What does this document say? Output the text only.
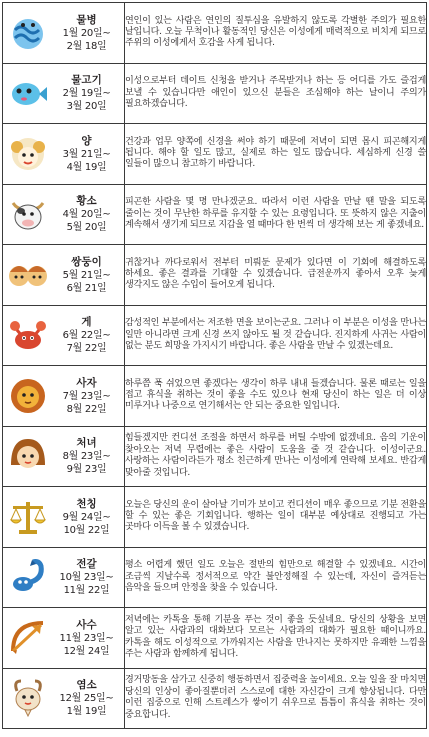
물병
1월 20일~
2월 18일	연인이 있는 사람은 연인의 질투심을 유발하지 않도록 각별한 주의가 필요한 날입니다. 오늘 무척이나 활동적인 당신은 이성에게 매력적으로 비치게 되므로 주위의 이성에게서 호감을 사게 됩니다.

물고기
2월 19일~
3월 20일	이성으로부터 데이트 신청을 받거나 주목받거나 하는 등 어디를 가도 즐겁게 보낼 수 있습니다만 애인이 있으신 분들은 조심해야 하는 날이니 주의가 필요하겠습니다.

양
3월 21일~
4월 19일	건강과 업무 양쪽에 신경을 써야 하기 때문에 저녁이 되면 몹시 피곤해지게 됩니다. 해야 할 일도 많고, 실제로 하는 일도 많습니다. 세심하게 신경 쓸 일들이 많으니 참고하기 바랍니다.

황소
4월 20일~
5월 20일	피곤한 사람을 몇 명 만나겠군요. 따라서 이런 사람을 만날 땐 말을 되도록 줄이는 것이 무난한 하루를 유지할 수 있는 요령입니다. 또 뜻하지 않은 지출이 계속해서 생기게 되므로 지갑을 열 때마다 한 번씩 더 생각해 보는 게 좋겠네요.

쌍둥이
5월 21일~
6월 21일	귀찮거나 까다로워서 전부터 미뤄둔 문제가 있다면 이 기회에 해결하도록 하세요. 좋은 결과를 기대할 수 있겠습니다. 급전운까지 좋아서 오후 늦게 생각지도 않은 수입이 들어오게 됩니다.

게
6월 22일~
7월 22일	감성적인 부분에서는 저조한 면을 보이는군요. 그러나 이 부분은 이성을 만나는 일만 아니라면 크게 신경 쓰지 않아도 될 것 같습니다. 진지하게 사귀는 사람이 없는 분도 희망을 가지시기 바랍니다. 좋은 사람을 만날 수 있겠는데요.

사자
7월 23일~
8월 22일	하루쯤 푹 쉬었으면 좋겠다는 생각이 하루 내내 들겠습니다. 물론 때로는 일을 접고 휴식을 취하는 것이 좋을 수도 있으나 현재 당신이 하는 일은 더 이상 미루거나 나중으로 연기해서는 안 되는 중요한 일입니다.

처녀
8월 23일~
9월 23일	힘들겠지만 컨디션 조절을 하면서 하루를 버틸 수밖에 없겠네요. 음의 기운이 찾아오는 저녁 무렵에는 좋은 사람이 도움을 줄 것 같습니다. 이성이군요. 사랑하는 사람이라든가 평소 친근하게 만나는 이성에게 연락해 보세요. 반갑게 맞아줄 것입니다.

천칭
9월 24일~
10월 22일	오늘은 당신의 운이 살아날 기미가 보이고 컨디션이 매우 좋으므로 기분 전환을 할 수 있는 좋은 기회입니다. 행하는 일이 대부분 예상대로 진행되고 가는 곳마다 이득을 볼 수 있겠습니다.

전갈
10월 23일~
11월 22일	평소 어렵게 했던 일도 오늘은 절반의 힘만으로 해결할 수 있겠네요. 시간이 조금씩 지날수록 정서적으로 약간 불안정해질 수 있는데, 자신이 즐겨듣는 음악을 들으며 안정을 찾을 수 있습니다.

사수
11월 23일~
12월 24일	저녁에는 카톡을 통해 기분을 푸는 것이 좋을 듯싶네요. 당신의 상황을 보면 알고 있는 사람과의 대화보다 모르는 사람과의 대화가 필요한 때이니까요. 카톡을 해도 이성적으로 가까워지는 사람을 만나지는 못하지만 유쾌한 느낌을 주는 사람과 함께하게 됩니다.

염소
12월 25일~
1월 19일	경거망동을 삼가고 신중히 행동하면서 집중력을 높이세요. 오늘 일을 잘 마치면 당신의 인상이 좋아질뿐더러 스스로에 대한 자신감이 크게 향상됩니다. 다만 이런 집중으로 인해 스트레스가 쌓이기 쉬우므로 틈틈이 휴식을 취하는 것이 중요합니다.
